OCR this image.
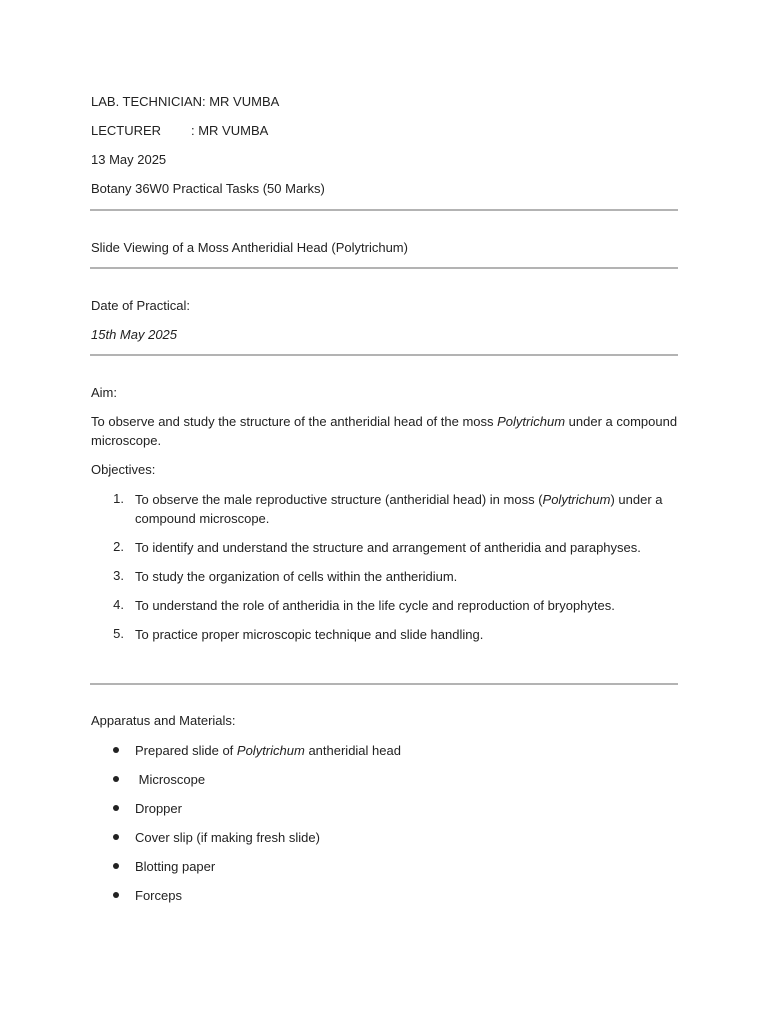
LAB. TECHNICIAN: MR VUMBA
LECTURER : MR VUMBA
13 May 2025
Botany 36W0 Practical Tasks (50 Marks)
Slide Viewing of a Moss Antheridial Head (Polytrichum)
Date of Practical:
15th May 2025
Aim:
To observe and study the structure of the antheridial head of the moss Polytrichum under a compound
microscope.
Objectives:
1. To observe the male reproductive structure (antheridial head) in moss (Polytrichum) under a
compound microscope.
2. To identify and understand the structure and arrangement of antheridia and paraphyses.
3. To study the organization of cells within the antheridium.
4. To understand the role of antheridia in the life cycle and reproduction of bryophytes.
5. To practice proper microscopic technique and slide handling.
Apparatus and Materials:
Prepared slide of Polytrichum antheridial head
Microscope
Dropper
Cover slip (if making fresh slide)
Blotting paper
Forceps
